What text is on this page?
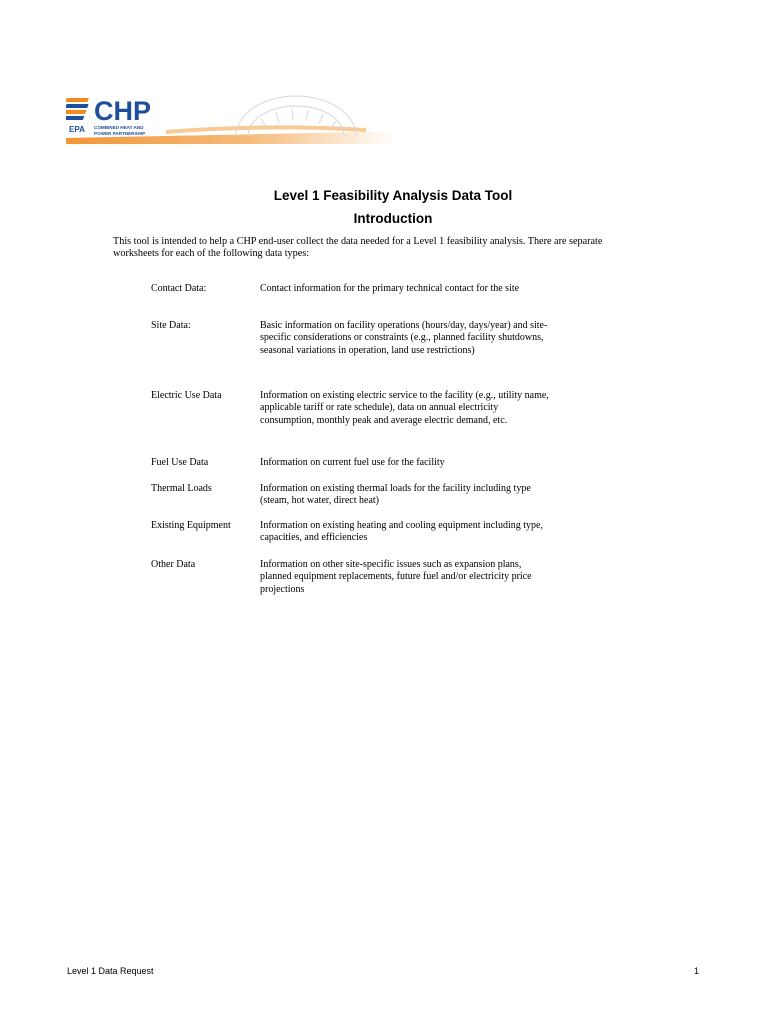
CHP
EPA COMBINED HEAT AND
POWER PARTNERSHIP
Level 1 Feasibility Analysis Data Tool
Introduction
This tool is intended to help a CHP end-user collect the data needed for a Level 1 feasibility analysis. There are separate
worksheets for each of the following data types:
Contact Data:	Contact information for the primary technical contact for the site
Site Data:	Basic information on facility operations (hours/day, days/year) and site-specific considerations or constraints (e.g., planned facility shutdowns, seasonal variations in operation, land use restrictions)
Electric Use Data	Information on existing electric service to the facility (e.g., utility name, applicable tariff or rate schedule), data on annual electricity consumption, monthly peak and average electric demand, etc.
Fuel Use Data	Information on current fuel use for the facility
Thermal Loads	Information on existing thermal loads for the facility including type (steam, hot water, direct heat)
Existing Equipment	Information on existing heating and cooling equipment including type, capacities, and efficiencies
Other Data	Information on other site-specific issues such as expansion plans, planned equipment replacements, future fuel and/or electricity price projections
Level 1 Data Request	1
